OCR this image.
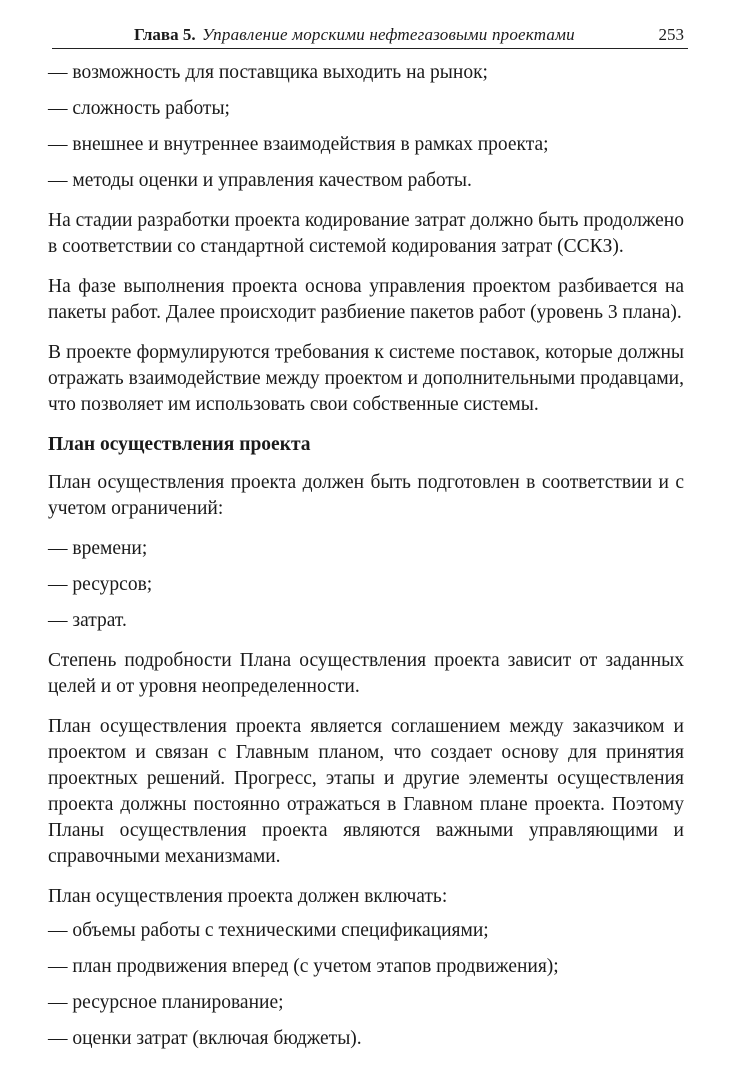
Глава 5. Управление морскими нефтегазовыми проектами	253
— возможность для поставщика выходить на рынок;
— сложность работы;
— внешнее и внутреннее взаимодействия в рамках проекта;
— методы оценки и управления качеством работы.

На стадии разработки проекта кодирование затрат должно быть продолжено в соответствии со стандартной системой кодирования затрат (ССКЗ).

На фазе выполнения проекта основа управления проектом разбивается на пакеты работ. Далее происходит разбиение пакетов работ (уровень 3 плана).

В проекте формулируются требования к системе поставок, которые должны отражать взаимодействие между проектом и дополнительными продавцами, что позволяет им использовать свои собственные системы.

План осуществления проекта

План осуществления проекта должен быть подготовлен в соответствии и с учетом ограничений:

— времени;
— ресурсов;
— затрат.

Степень подробности Плана осуществления проекта зависит от заданных целей и от уровня неопределенности.

План осуществления проекта является соглашением между заказчиком и проектом и связан с Главным планом, что создает основу для принятия проектных решений. Прогресс, этапы и другие элементы осуществления проекта должны постоянно отражаться в Главном плане проекта. Поэтому Планы осуществления проекта являются важными управляющими и справочными механизмами.

План осуществления проекта должен включать:

— объемы работы с техническими спецификациями;
— план продвижения вперед (с учетом этапов продвижения);
— ресурсное планирование;
— оценки затрат (включая бюджеты).
